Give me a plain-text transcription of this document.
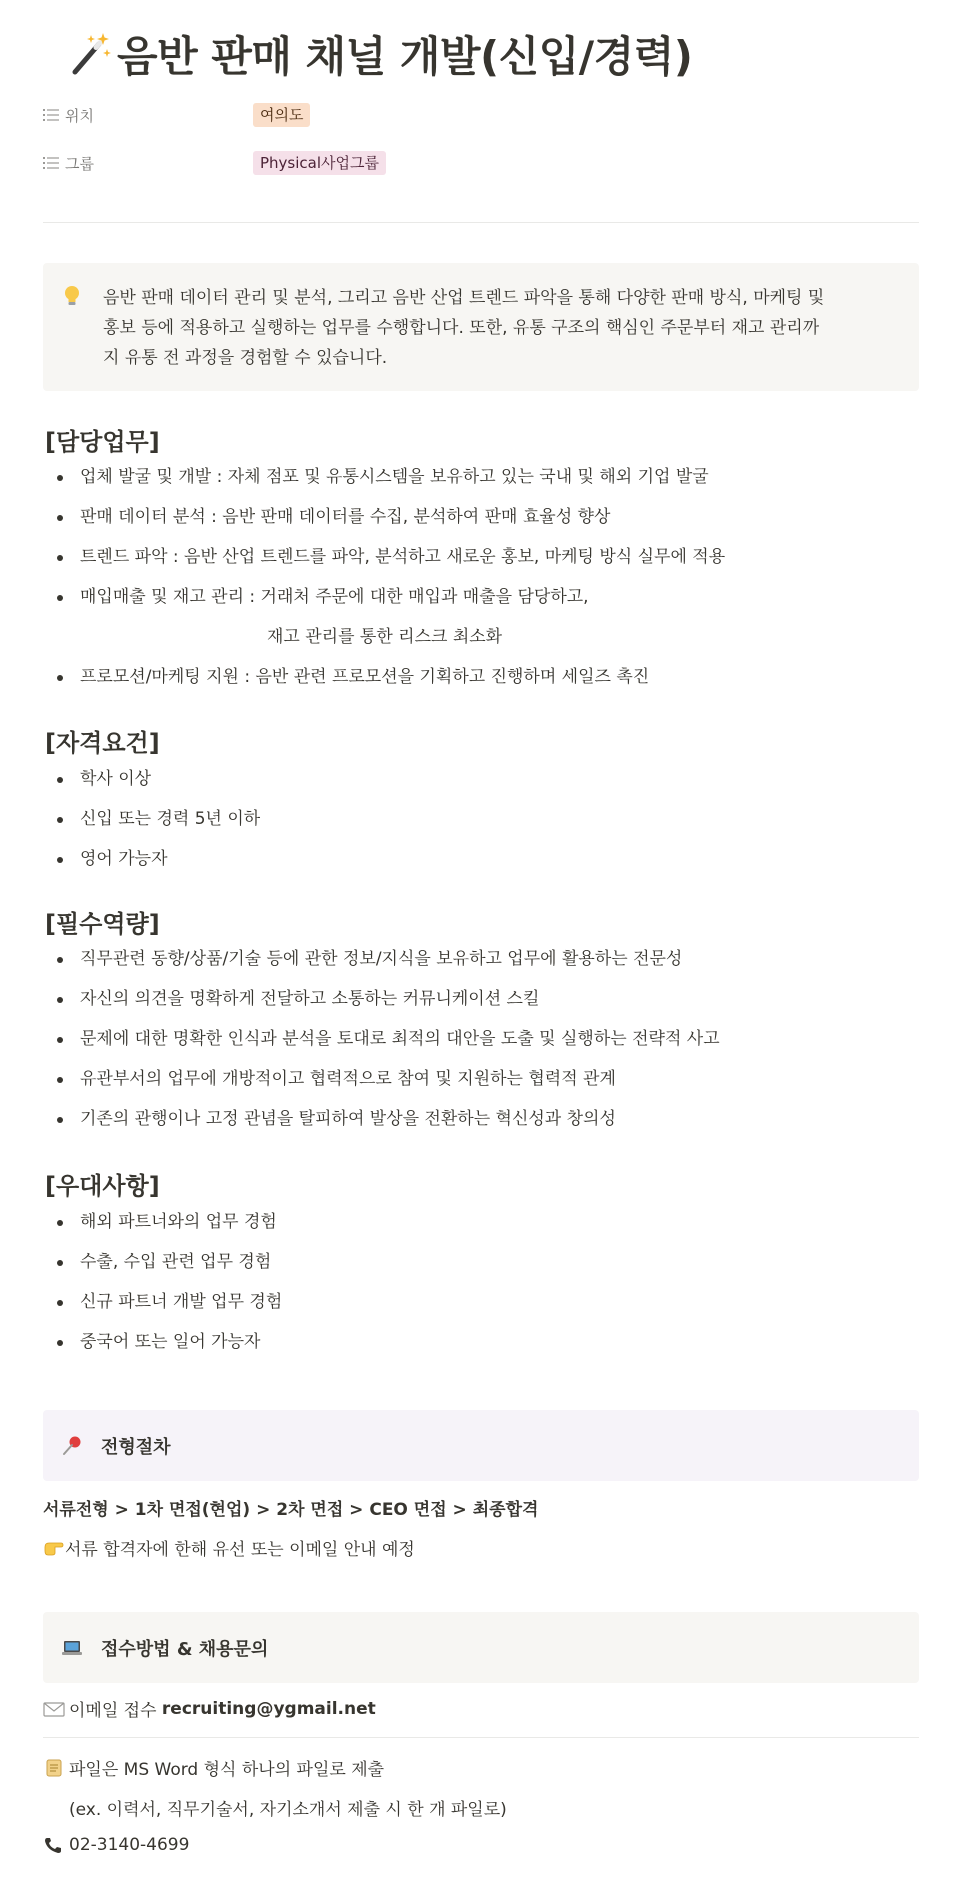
음반 판매 채널 개발(신입/경력)
위치	여의도
그룹	Physical사업그룹
음반 판매 데이터 관리 및 분석, 그리고 음반 산업 트렌드 파악을 통해 다양한 판매 방식, 마케팅 및
홍보 등에 적용하고 실행하는 업무를 수행합니다. 또한, 유통 구조의 핵심인 주문부터 재고 관리까
지 유통 전 과정을 경험할 수 있습니다.
[담당업무]
업체 발굴 및 개발 : 자체 점포 및 유통시스템을 보유하고 있는 국내 및 해외 기업 발굴
판매 데이터 분석 : 음반 판매 데이터를 수집, 분석하여 판매 효율성 향상
트렌드 파악 : 음반 산업 트렌드를 파악, 분석하고 새로운 홍보, 마케팅 방식 실무에 적용
매입매출 및 재고 관리 : 거래처 주문에 대한 매입과 매출을 담당하고,
재고 관리를 통한 리스크 최소화
프로모션/마케팅 지원 : 음반 관련 프로모션을 기획하고 진행하며 세일즈 촉진
[자격요건]
학사 이상
신입 또는 경력 5년 이하
영어 가능자
[필수역량]
직무관련 동향/상품/기술 등에 관한 정보/지식을 보유하고 업무에 활용하는 전문성
자신의 의견을 명확하게 전달하고 소통하는 커뮤니케이션 스킬
문제에 대한 명확한 인식과 분석을 토대로 최적의 대안을 도출 및 실행하는 전략적 사고
유관부서의 업무에 개방적이고 협력적으로 참여 및 지원하는 협력적 관계
기존의 관행이나 고정 관념을 탈피하여 발상을 전환하는 혁신성과 창의성
[우대사항]
해외 파트너와의 업무 경험
수출, 수입 관련 업무 경험
신규 파트너 개발 업무 경험
중국어 또는 일어 가능자
전형절차
서류전형 > 1차 면접(현업) > 2차 면접 > CEO 면접 > 최종합격
서류 합격자에 한해 유선 또는 이메일 안내 예정
접수방법 & 채용문의
이메일 접수
recruiting@ygmail.net
파일은 MS Word 형식 하나의 파일로 제출
(ex. 이력서, 직무기술서, 자기소개서 제출 시 한 개 파일로)
02-3140-4699
